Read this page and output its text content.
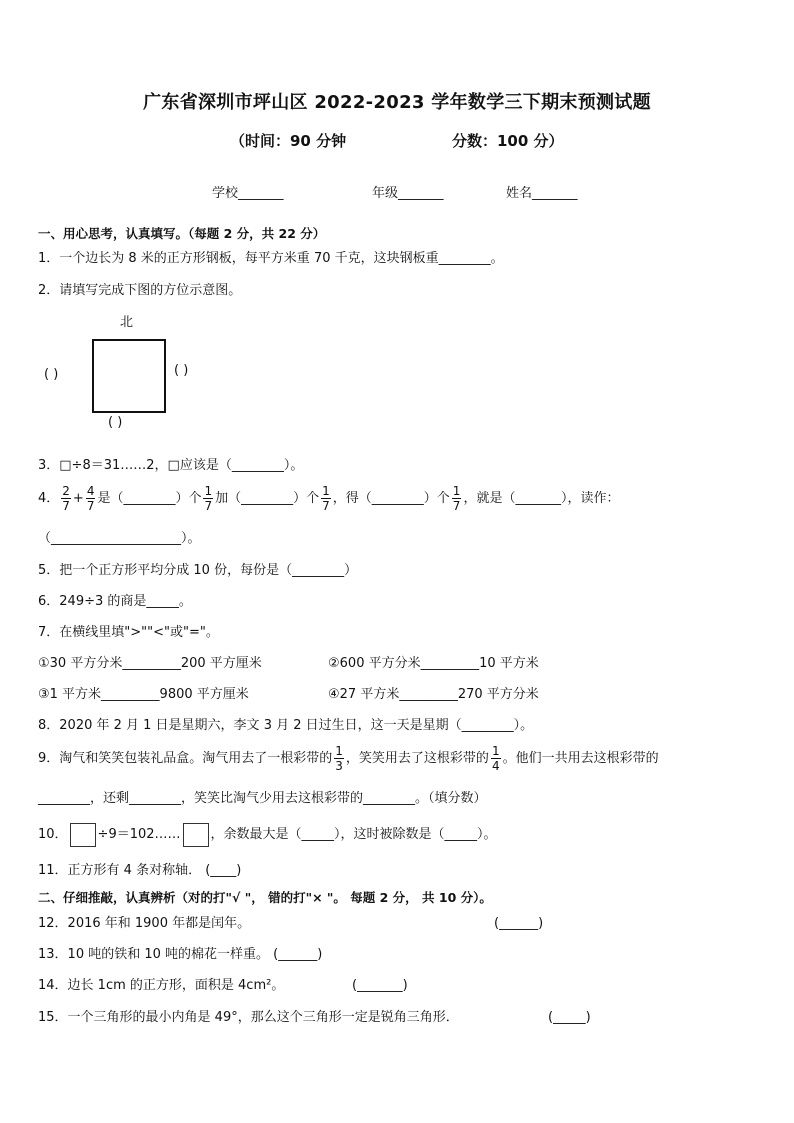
广东省深圳市坪山区 2022-2023 学年数学三下期末预测试题
（时间：90 分钟	分数：100 分）
学校_______	年级_______	姓名_______
一、用心思考，认真填写。（每题 2 分，共 22 分）
1．一个边长为 8 米的正方形钢板，每平方米重 70 千克，这块钢板重________。
2．请填写完成下图的方位示意图。
北
( )	( )
( )
3．□÷8＝31……2，□应该是（________）。
4． $\frac{2}{7} + \frac{4}{7}$ 是（________）个 $\frac{1}{7}$ 加（________）个 $\frac{1}{7}$ ，得（________）个 $\frac{1}{7}$ ，就是（_______），读作：
（____________________）。
5．把一个正方形平均分成 10 份，每份是（________）
6．249÷3 的商是_____。
7．在横线里填">""<"或"="。
①30 平方分米_________200 平方厘米	②600 平方分米_________10 平方米
③1 平方米_________9800 平方厘米	④27 平方米_________270 平方分米
8．2020 年 2 月 1 日是星期六，李文 3 月 2 日过生日，这一天是星期（________）。
9．淘气和笑笑包装礼品盒。淘气用去了一根彩带的 $\frac{1}{3}$ ，笑笑用去了这根彩带的 $\frac{1}{4}$ 。他们一共用去这根彩带的
________，还剩________，笑笑比淘气少用去这根彩带的________。（填分数）
10． ÷9＝102…… ，余数最大是（_____），这时被除数是（_____）。
11．正方形有 4 条对称轴． (____)
二、仔细推敲，认真辨析（对的打"√ "， 错的打"× "。 每题 2 分， 共 10 分）。
12．2016 年和 1900 年都是闰年。	(______)
13．10 吨的铁和 10 吨的棉花一样重。 (______)
14．边长 1cm 的正方形，面积是 4cm²。	(_______)
15．一个三角形的最小内角是 49°，那么这个三角形一定是锐角三角形．	(_____)
